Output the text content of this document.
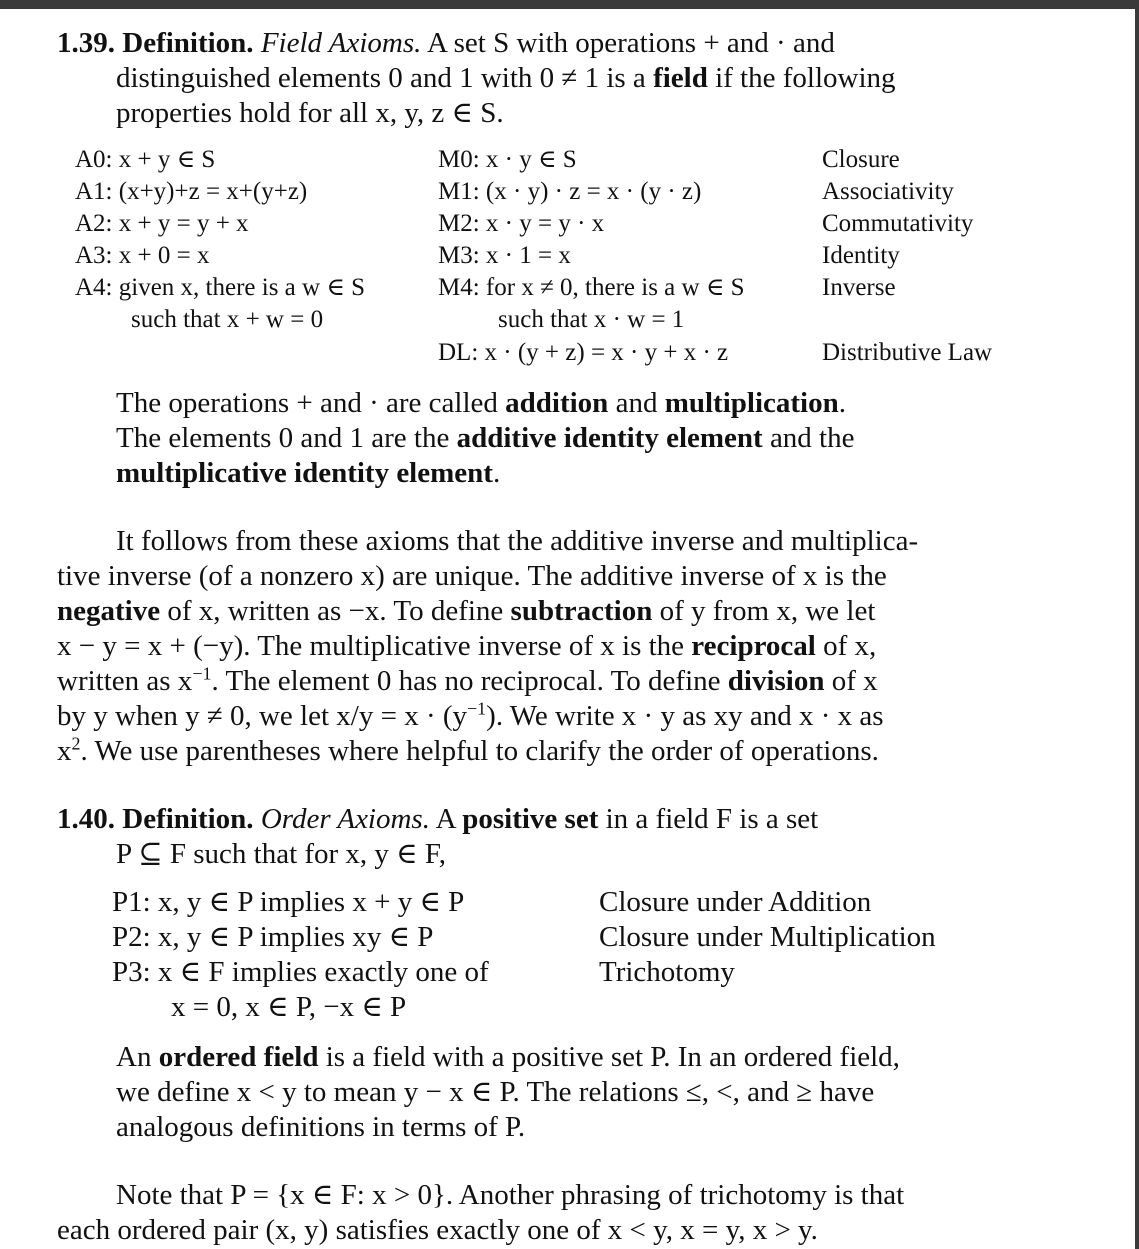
1.39. Definition. Field Axioms. A set S with operations + and · and
distinguished elements 0 and 1 with 0 ≠ 1 is a field if the following
properties hold for all x, y, z ∈ S.
A0: x + y ∈ S
A1: (x+y)+z = x+(y+z)
A2: x + y = y + x
A3: x + 0 = x
A4: given x, there is a w ∈ S
such that x + w = 0
M0: x · y ∈ S
M1: (x · y) · z = x · (y · z)
M2: x · y = y · x
M3: x · 1 = x
M4: for x ≠ 0, there is a w ∈ S
such that x · w = 1
DL: x · (y + z) = x · y + x · z
Closure
Associativity
Commutativity
Identity
Inverse
Distributive Law
The operations + and · are called addition and multiplication.
The elements 0 and 1 are the additive identity element and the
multiplicative identity element.
It follows from these axioms that the additive inverse and multiplica-
tive inverse (of a nonzero x) are unique. The additive inverse of x is the
negative of x, written as −x. To define subtraction of y from x, we let
x − y = x + (−y). The multiplicative inverse of x is the reciprocal of x,
written as $x^{-1}$. The element 0 has no reciprocal. To define division of x
by y when y ≠ 0, we let $x/y = x \cdot (y^{-1})$. We write x · y as xy and x · x as
$x^2$. We use parentheses where helpful to clarify the order of operations.
1.40. Definition. Order Axioms. A positive set in a field F is a set
P ⊆ F such that for x, y ∈ F,
P1: x, y ∈ P implies x + y ∈ P
P2: x, y ∈ P implies xy ∈ P
P3: x ∈ F implies exactly one of
x = 0, x ∈ P, −x ∈ P
Closure under Addition
Closure under Multiplication
Trichotomy
An ordered field is a field with a positive set P. In an ordered field,
we define x < y to mean y − x ∈ P. The relations ≤, <, and ≥ have
analogous definitions in terms of P.
Note that P = {x ∈ F: x > 0}. Another phrasing of trichotomy is that
each ordered pair (x, y) satisfies exactly one of x < y, x = y, x > y.
